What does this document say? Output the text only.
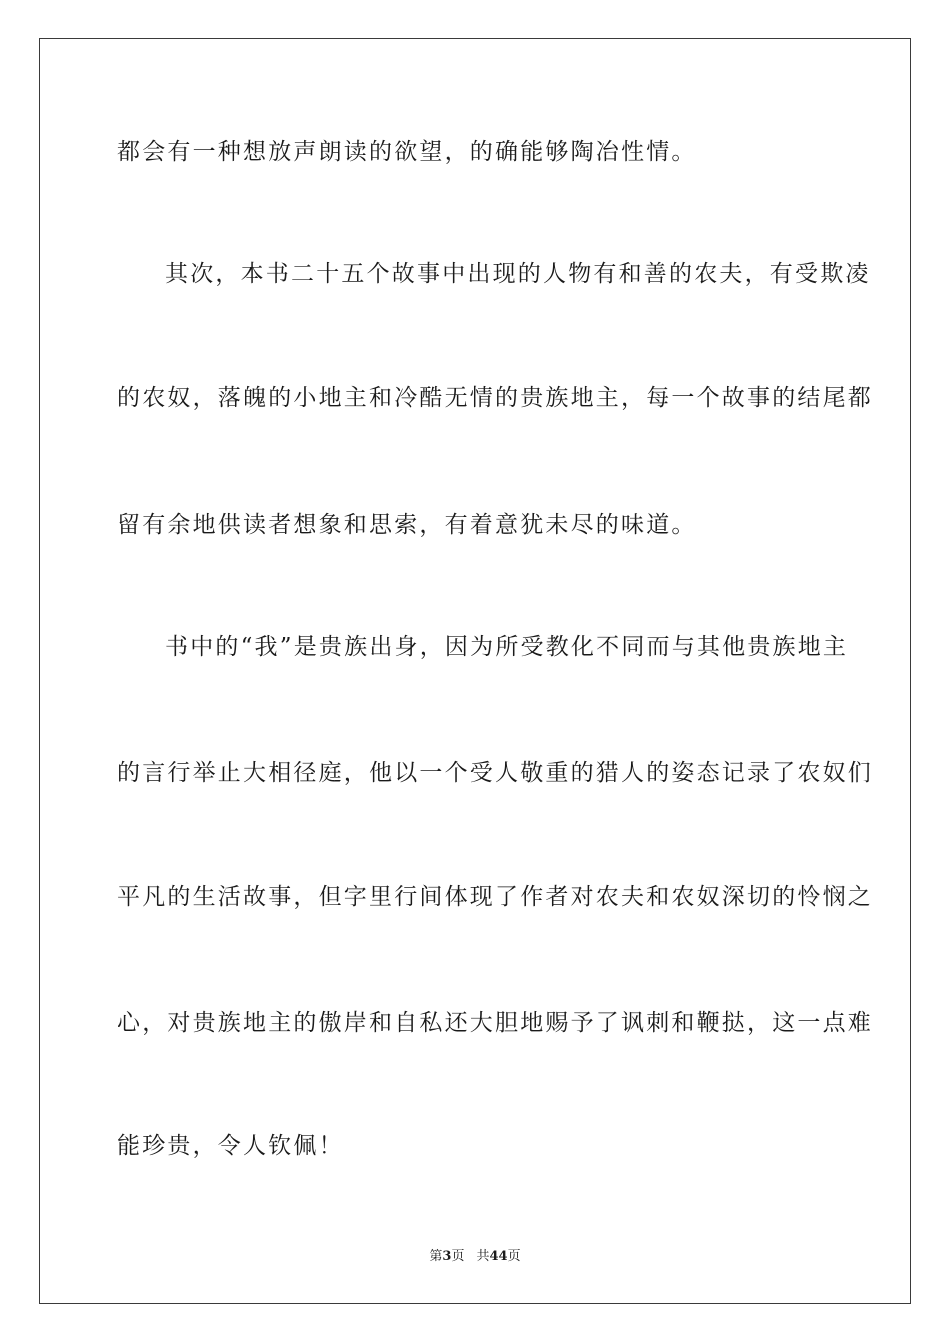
都会有一种想放声朗读的欲望，的确能够陶冶性情。
其次，本书二十五个故事中出现的人物有和善的农夫，有受欺凌
的农奴，落魄的小地主和冷酷无情的贵族地主，每一个故事的结尾都
留有余地供读者想象和思索，有着意犹未尽的味道。
书中的“我”是贵族出身，因为所受教化不同而与其他贵族地主
的言行举止大相径庭，他以一个受人敬重的猎人的姿态记录了农奴们
平凡的生活故事，但字里行间体现了作者对农夫和农奴深切的怜悯之
心，对贵族地主的傲岸和自私还大胆地赐予了讽刺和鞭挞，这一点难
能珍贵，令人钦佩！
第3页 共44页
